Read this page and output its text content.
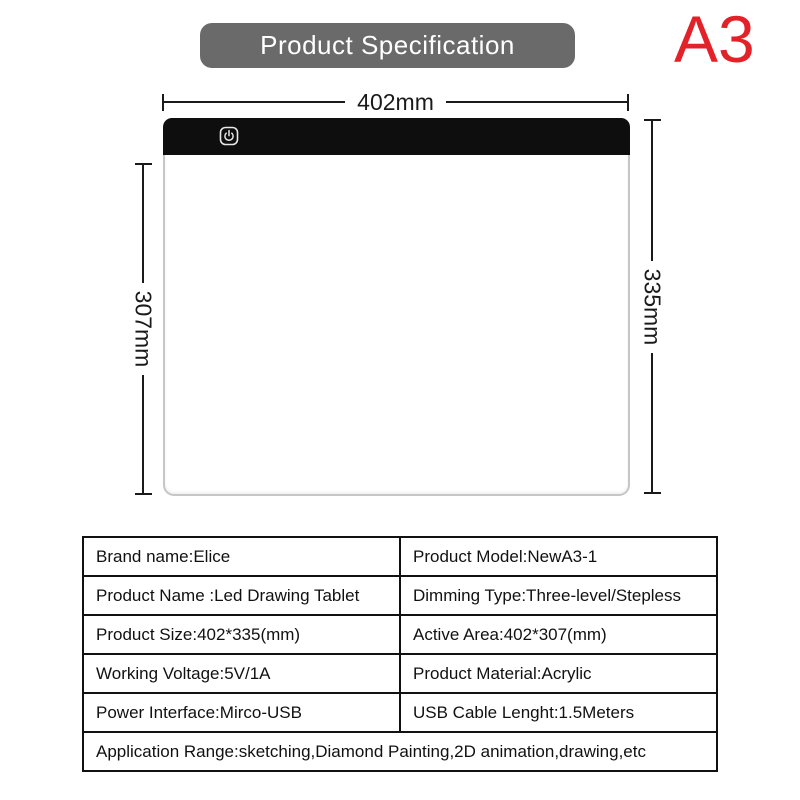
Product Specification A3
402mm
307mm	335mm
Brand name:Elice	Product Model:NewA3-1
Product Name :Led Drawing Tablet	Dimming Type:Three-level/Stepless
Product Size:402*335(mm)	Active Area:402*307(mm)
Working Voltage:5V/1A	Product Material:Acrylic
Power Interface:Mirco-USB	USB Cable Lenght:1.5Meters
Application Range:sketching,Diamond Painting,2D animation,drawing,etc	
